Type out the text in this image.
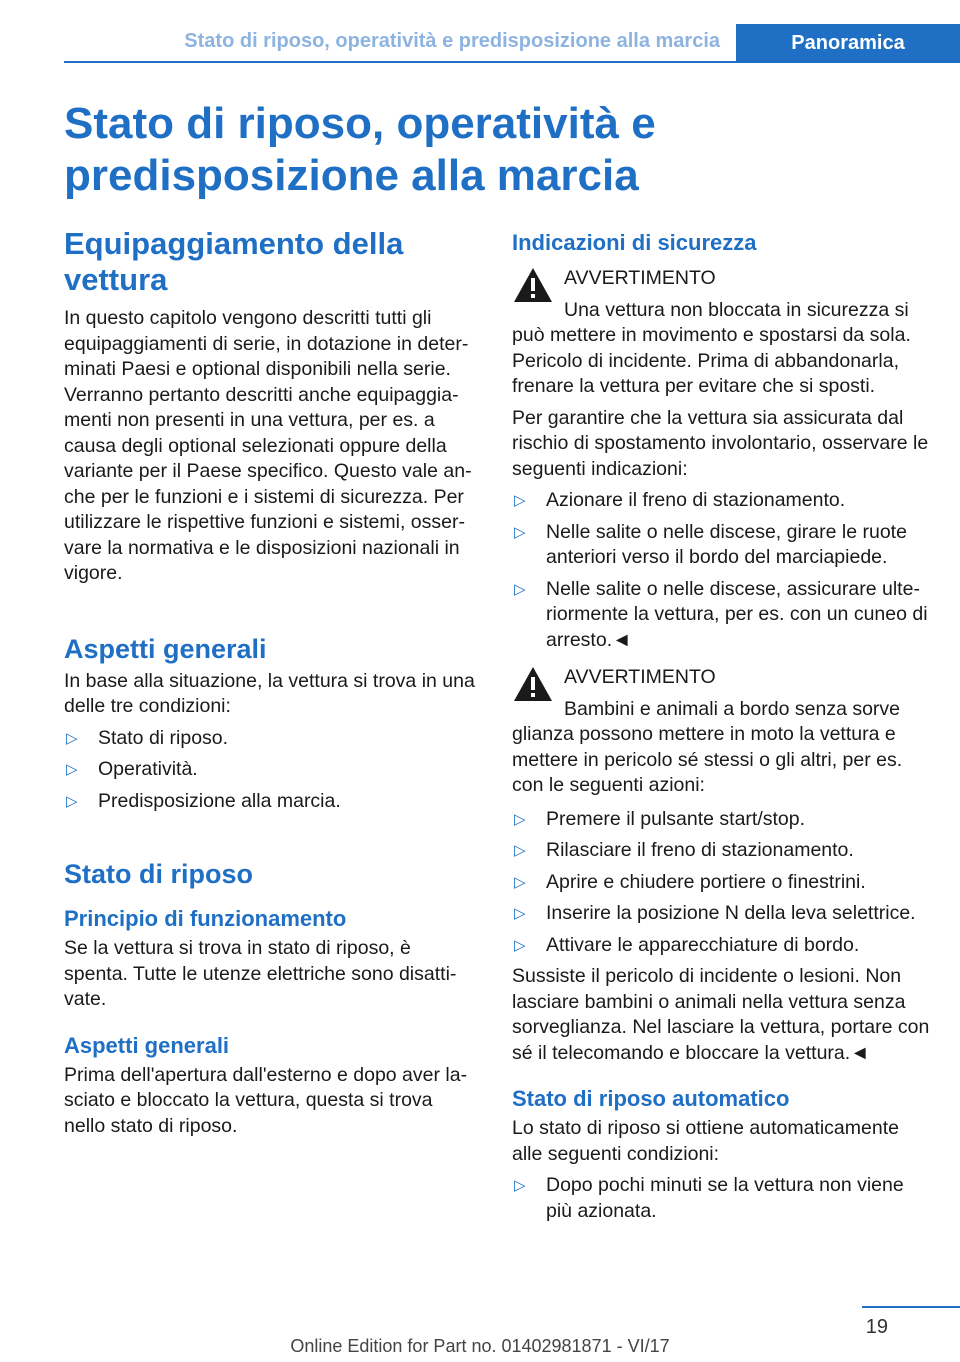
Stato di riposo, operatività e predisposizione alla marcia	Panoramica
Stato di riposo, operatività e
predisposizione alla marcia
Equipaggiamento della vettura

In questo capitolo vengono descritti tutti gli equipaggiamenti di serie, in dotazione in determinati Paesi e optional disponibili nella serie. Verranno pertanto descritti anche equipaggiamenti non presenti in una vettura, per es. a causa degli optional selezionati oppure della variante per il Paese specifico. Questo vale anche per le funzioni e i sistemi di sicurezza. Per utilizzare le rispettive funzioni e sistemi, osservare la normativa e le disposizioni nazionali in vigore.

Aspetti generali

In base alla situazione, la vettura si trova in una delle tre condizioni:

▷ Stato di riposo.
▷ Operatività.
▷ Predisposizione alla marcia.
Stato di riposo
Principio di funzionamento

Se la vettura si trova in stato di riposo, è spenta. Tutte le utenze elettriche sono disattivate.

Aspetti generali

Prima dell'apertura dall'esterno e dopo aver lasciato e bloccato la vettura, questa si trova nello stato di riposo.

Indicazioni di sicurezza

AVVERTIMENTO

Una vettura non bloccata in sicurezza si

può mettere in movimento e spostarsi da sola. Pericolo di incidente. Prima di abbandonarla, frenare la vettura per evitare che si sposti.

Per garantire che la vettura sia assicurata dal rischio di spostamento involontario, osservare le seguenti indicazioni:

▷ Azionare il freno di stazionamento.
▷ Nelle salite o nelle discese, girare le ruote anteriori verso il bordo del marciapiede.
▷ Nelle salite o nelle discese, assicurare ulteriormente la vettura, per es. con un cuneo di arresto.◄

AVVERTIMENTO

Bambini e animali a bordo senza sorve

glianza possono mettere in moto la vettura e mettere in pericolo sé stessi o gli altri, per es. con le seguenti azioni:

▷ Premere il pulsante start/stop.
▷ Rilasciare il freno di stazionamento.
▷ Aprire e chiudere portiere o finestrini.
▷ Inserire la posizione N della leva selettrice.
▷ Attivare le apparecchiature di bordo.

Sussiste il pericolo di incidente o lesioni. Non lasciare bambini o animali nella vettura senza sorveglianza. Nel lasciare la vettura, portare con sé il telecomando e bloccare la vettura.◄

Stato di riposo automatico

Lo stato di riposo si ottiene automaticamente alle seguenti condizioni:

▷ Dopo pochi minuti se la vettura non viene più azionata.
19
Online Edition for Part no. 01402981871 - VI/17
